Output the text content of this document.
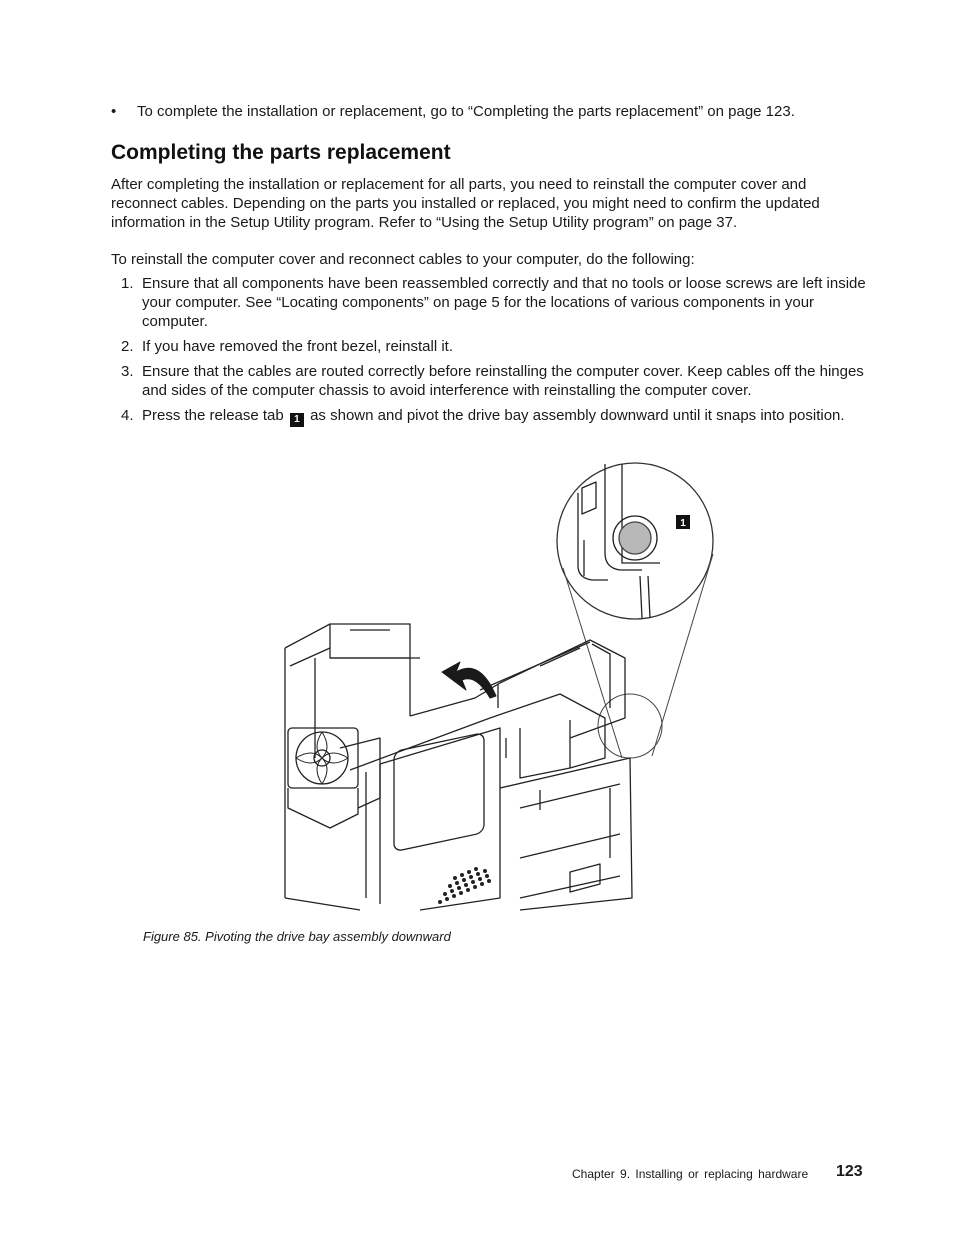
• To complete the installation or replacement, go to “Completing the parts replacement” on page 123.
Completing the parts replacement

After completing the installation or replacement for all parts, you need to reinstall the computer cover and reconnect cables. Depending on the parts you installed or replaced, you might need to confirm the updated information in the Setup Utility program. Refer to “Using the Setup Utility program” on page 37.

To reinstall the computer cover and reconnect cables to your computer, do the following:

1. Ensure that all components have been reassembled correctly and that no tools or loose screws are left inside your computer. See “Locating components” on page 5 for the locations of various components in your computer.
2. If you have removed the front bezel, reinstall it.
3. Ensure that the cables are routed correctly before reinstalling the computer cover. Keep cables off the hinges and sides of the computer chassis to avoid interference with reinstalling the computer cover.
4. Press the release tab 1 as shown and pivot the drive bay assembly downward until it snaps into position.
1
Figure 85. Pivoting the drive bay assembly downward
Chapter 9. Installing or replacing hardware 123
